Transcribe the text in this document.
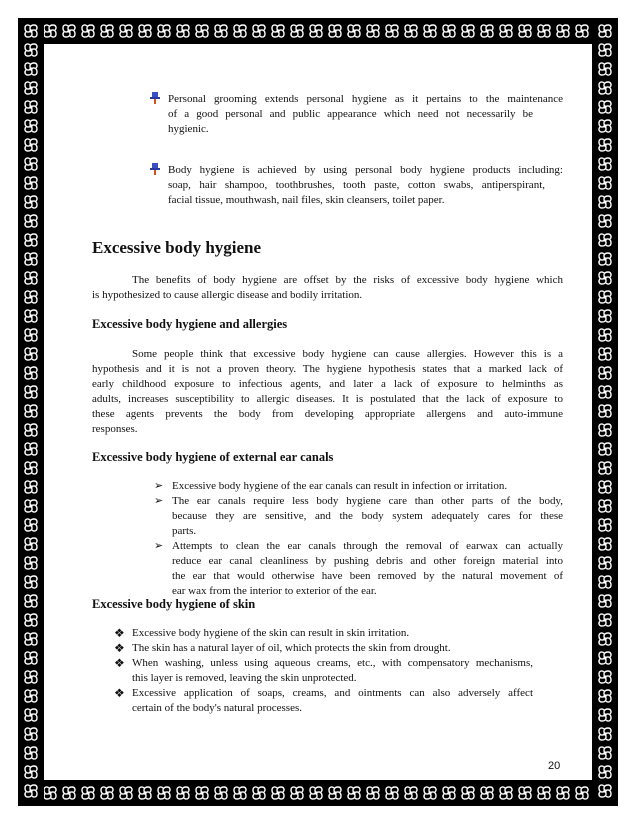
Personal grooming extends personal hygiene as it pertains to the maintenance
of a good personal and public appearance which need not necessarily be
hygienic.
Body hygiene is achieved by using personal body hygiene products including:
soap, hair shampoo, toothbrushes, tooth paste, cotton swabs, antiperspirant,
facial tissue, mouthwash, nail files, skin cleansers, toilet paper.
Excessive body hygiene
The benefits of body hygiene are offset by the risks of excessive body hygiene which
is hypothesized to cause allergic disease and bodily irritation.
Excessive body hygiene and allergies
Some people think that excessive body hygiene can cause allergies. However this is a
hypothesis and it is not a proven theory. The hygiene hypothesis states that a marked lack of
early childhood exposure to infectious agents, and later a lack of exposure to helminths as
adults, increases susceptibility to allergic diseases. It is postulated that the lack of exposure to
these agents prevents the body from developing appropriate allergens and auto-immune
responses.
Excessive body hygiene of external ear canals
➢ Excessive body hygiene of the ear canals can result in infection or irritation.
➢ The ear canals require less body hygiene care than other parts of the body,
because they are sensitive, and the body system adequately cares for these
parts.
➢ Attempts to clean the ear canals through the removal of earwax can actually
reduce ear canal cleanliness by pushing debris and other foreign material into
the ear that would otherwise have been removed by the natural movement of
ear wax from the interior to exterior of the ear.
Excessive body hygiene of skin
❖ Excessive body hygiene of the skin can result in skin irritation.
❖ The skin has a natural layer of oil, which protects the skin from drought.
❖ When washing, unless using aqueous creams, etc., with compensatory mechanisms,
this layer is removed, leaving the skin unprotected.
❖ Excessive application of soaps, creams, and ointments can also adversely affect
certain of the body's natural processes.
20
